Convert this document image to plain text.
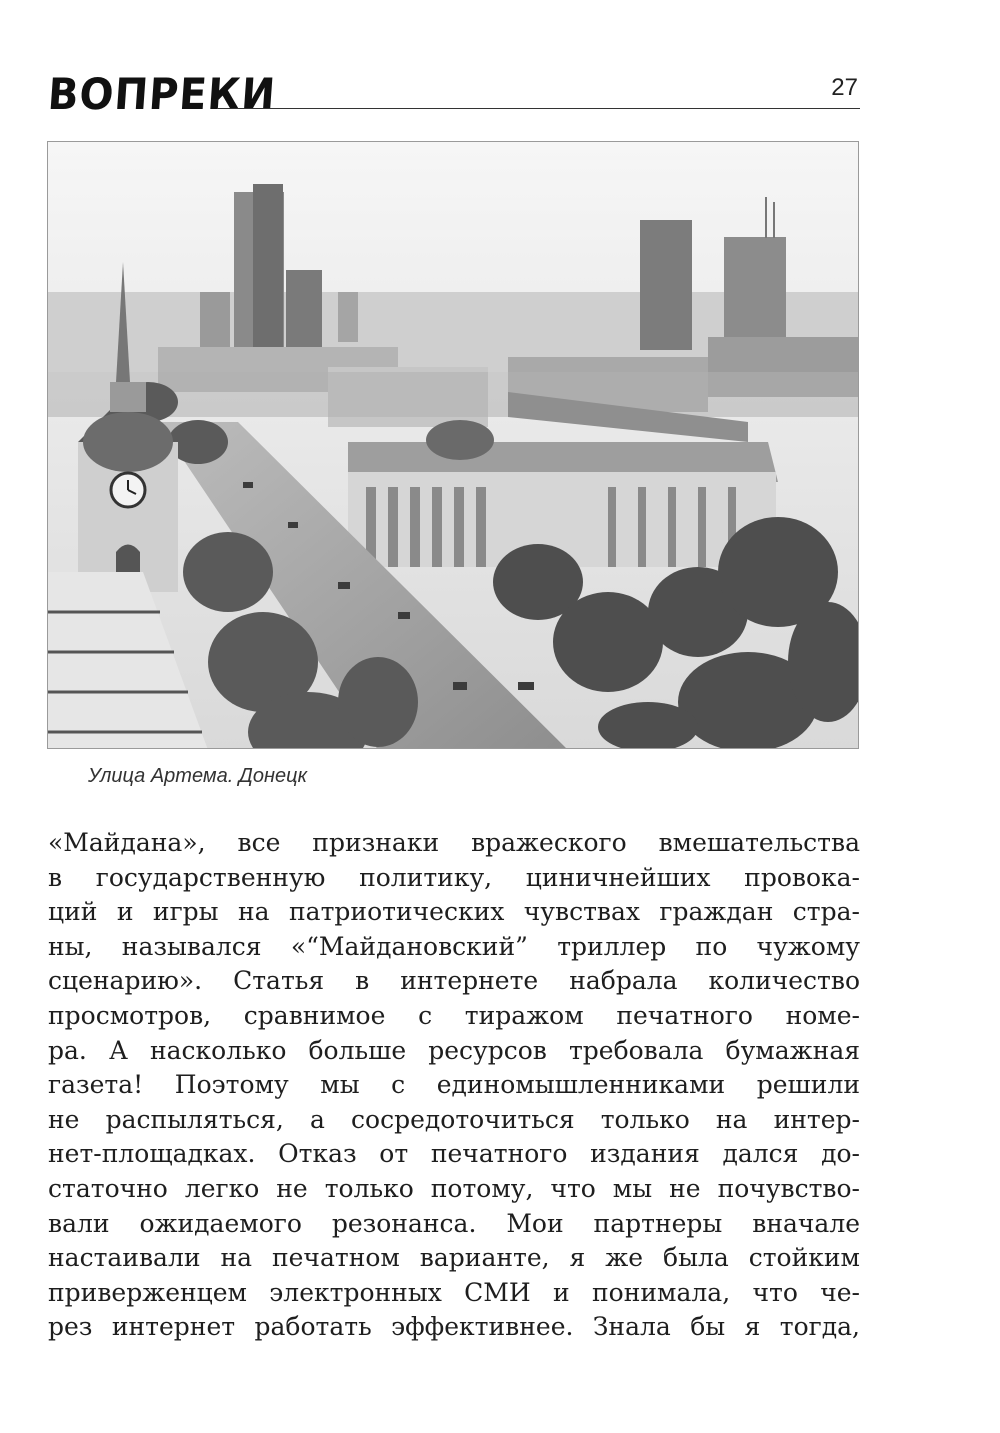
ВОПРЕКИ	27
Улица Артема. Донецк
«Майдана», все признаки вражеского вмешательства
в государственную политику, циничнейших провока-
ций и игры на патриотических чувствах граждан стра-
ны, назывался «“Майдановский” триллер по чужому
сценарию». Статья в интернете набрала количество
просмотров, сравнимое с тиражом печатного номе-
ра. А насколько больше ресурсов требовала бумажная
газета! Поэтому мы с единомышленниками решили
не распыляться, а сосредоточиться только на интер-
нет-площадках. Отказ от печатного издания дался до-
статочно легко не только потому, что мы не почувство-
вали ожидаемого резонанса. Мои партнеры вначале
настаивали на печатном варианте, я же была стойким
приверженцем электронных СМИ и понимала, что че-
рез интернет работать эффективнее. Знала бы я тогда,
